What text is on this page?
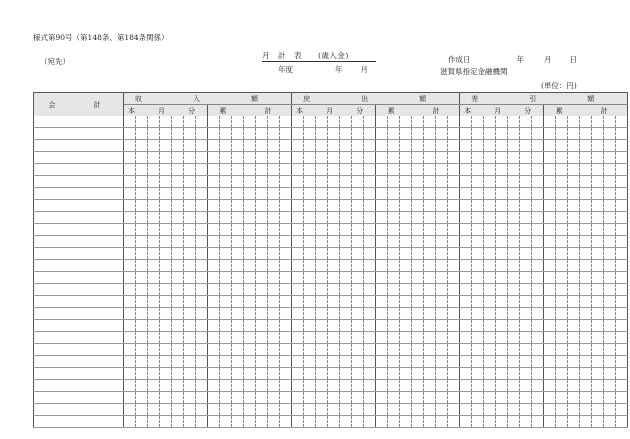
様式第90号（第148条、第184条関係）
（宛先）
月　計　表　　(歳入金)
年度	年 月
作成日	年	月 日
滋賀県指定金融機関
(単位：円)
会　　計	収　入　額														戻　出　額														差　引　額													
	本　月　分							累　　計							本　月　分							累　　計							本　月　分							累　　計						
